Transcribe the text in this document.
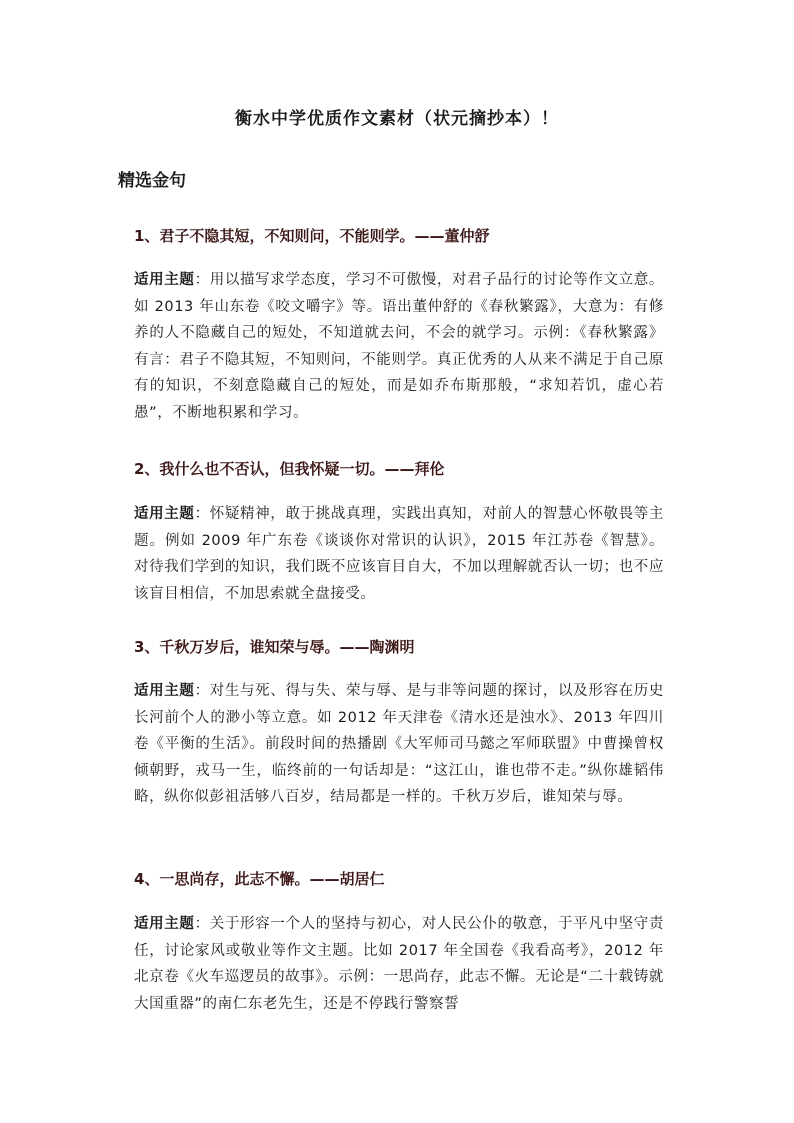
衡水中学优质作文素材（状元摘抄本）！
精选金句

1、君子不隐其短，不知则问，不能则学。——董仲舒

适用主题：用以描写求学态度，学习不可傲慢，对君子品行的讨论等作文立意。如 2013 年山东卷《咬文嚼字》等。语出董仲舒的《春秋繁露》，大意为：有修养的人不隐藏自己的短处，不知道就去问，不会的就学习。示例：《春秋繁露》有言：君子不隐其短，不知则问，不能则学。真正优秀的人从来不满足于自己原有的知识，不刻意隐藏自己的短处，而是如乔布斯那般，“求知若饥，虚心若愚”，不断地积累和学习。

2、我什么也不否认，但我怀疑一切。——拜伦

适用主题：怀疑精神，敢于挑战真理，实践出真知，对前人的智慧心怀敬畏等主题。例如 2009 年广东卷《谈谈你对常识的认识》，2015 年江苏卷《智慧》。对待我们学到的知识，我们既不应该盲目自大，不加以理解就否认一切；也不应该盲目相信，不加思索就全盘接受。

3、千秋万岁后，谁知荣与辱。——陶渊明

适用主题：对生与死、得与失、荣与辱、是与非等问题的探讨，以及形容在历史长河前个人的渺小等立意。如 2012 年天津卷《清水还是浊水》、2013 年四川卷《平衡的生活》。前段时间的热播剧《大军师司马懿之军师联盟》中曹操曾权倾朝野，戎马一生，临终前的一句话却是：“这江山，谁也带不走。”纵你雄韬伟略，纵你似彭祖活够八百岁，结局都是一样的。千秋万岁后，谁知荣与辱。

4、一思尚存，此志不懈。——胡居仁

适用主题：关于形容一个人的坚持与初心，对人民公仆的敬意，于平凡中坚守责任，讨论家风或敬业等作文主题。比如 2017 年全国卷《我看高考》，2012 年北京卷《火车巡逻员的故事》。示例：一思尚存，此志不懈。无论是“二十载铸就大国重器”的南仁东老先生，还是不停践行警察誓
